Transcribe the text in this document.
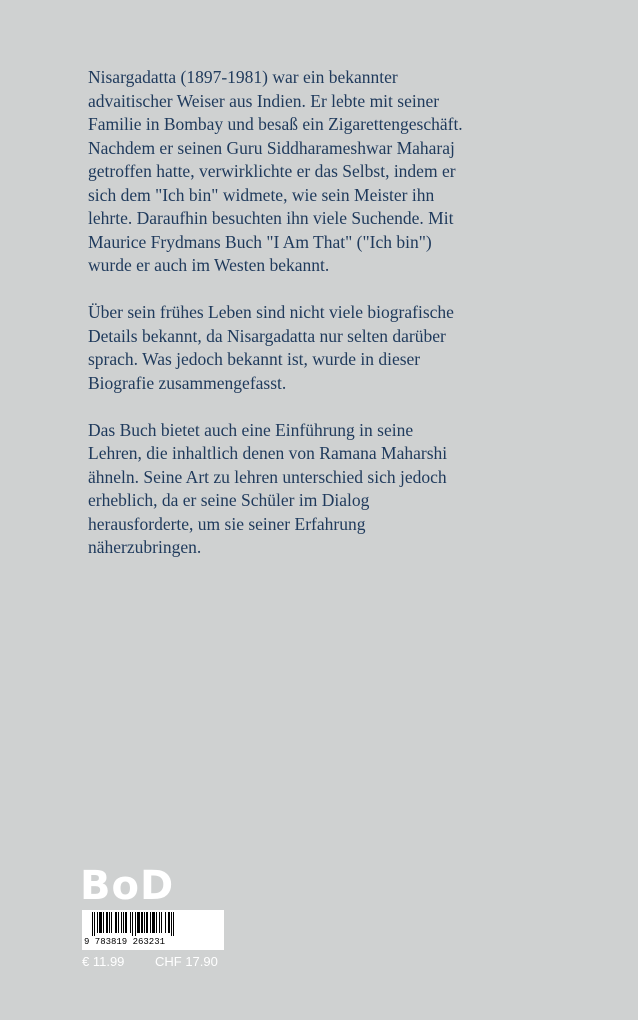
Nisargadatta (1897-1981) war ein bekannter
advaitischer Weiser aus Indien. Er lebte mit seiner
Familie in Bombay und besaß ein Zigarettengeschäft.
Nachdem er seinen Guru Siddharameshwar Maharaj
getroffen hatte, verwirklichte er das Selbst, indem er
sich dem "Ich bin" widmete, wie sein Meister ihn
lehrte. Daraufhin besuchten ihn viele Suchende. Mit
Maurice Frydmans Buch "I Am That" ("Ich bin")
wurde er auch im Westen bekannt.

Über sein frühes Leben sind nicht viele biografische
Details bekannt, da Nisargadatta nur selten darüber
sprach. Was jedoch bekannt ist, wurde in dieser
Biografie zusammengefasst.

Das Buch bietet auch eine Einführung in seine
Lehren, die inhaltlich denen von Ramana Maharshi
ähneln. Seine Art zu lehren unterschied sich jedoch
erheblich, da er seine Schüler im Dialog
herausforderte, um sie seiner Erfahrung
näherzubringen.

BoD
9 783819 263231
€ 11.99 CHF 17.90
